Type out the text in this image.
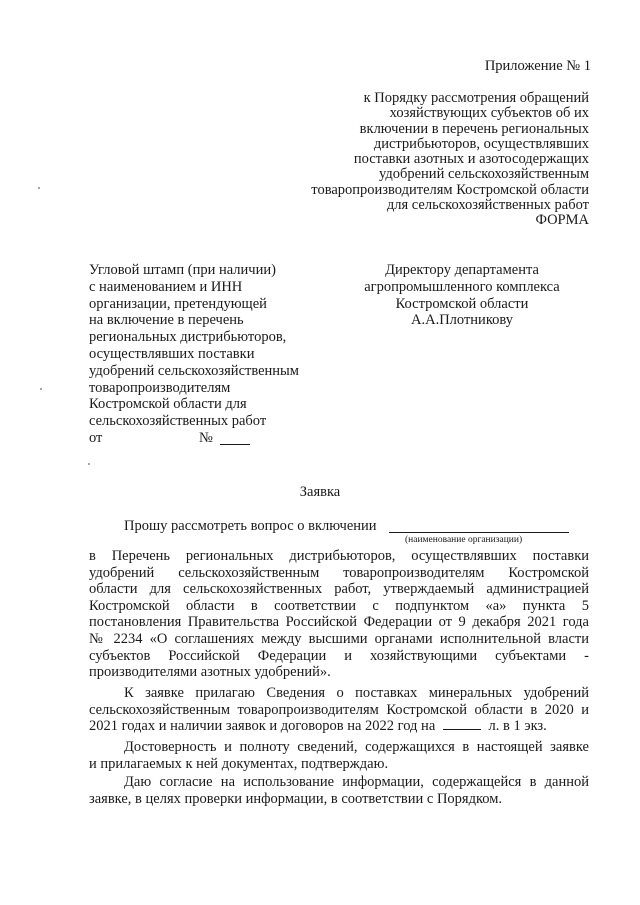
Приложение № 1
к Порядку рассмотрения обращений
хозяйствующих субъектов об их
включении в перечень региональных
дистрибьюторов, осуществлявших
поставки азотных и азотосодержащих
удобрений сельскохозяйственным
товаропроизводителям Костромской области
для сельскохозяйственных работ
ФОРМА
Угловой штамп (при наличии)
с наименованием и ИНН
организации, претендующей
на включение в перечень
региональных дистрибьюторов,
осуществлявших поставки
удобрений сельскохозяйственным
товаропроизводителям
Костромской области для
сельскохозяйственных работ
от	№
Директору департамента
агропромышленного комплекса
Костромской области
А.А.Плотникову
Заявка
Прошу рассмотреть вопрос о включении
(наименование организации)
в Перечень региональных дистрибьюторов, осуществлявших поставки
удобрений сельскохозяйственным товаропроизводителям Костромской
области для сельскохозяйственных работ, утверждаемый администрацией
Костромской области в соответствии с подпунктом «а» пункта 5
постановления Правительства Российской Федерации от 9 декабря 2021 года
№ 2234 «О соглашениях между высшими органами исполнительной власти
субъектов Российской Федерации и хозяйствующими субъектами -
производителями азотных удобрений».
К заявке прилагаю Сведения о поставках минеральных удобрений
сельскохозяйственным товаропроизводителям Костромской области в 2020 и
2021 годах и наличии заявок и договоров на 2022 год на	л. в 1 экз.
Достоверность и полноту сведений, содержащихся в настоящей заявке
и прилагаемых к ней документах, подтверждаю.
Даю согласие на использование информации, содержащейся в данной
заявке, в целях проверки информации, в соответствии с Порядком.
